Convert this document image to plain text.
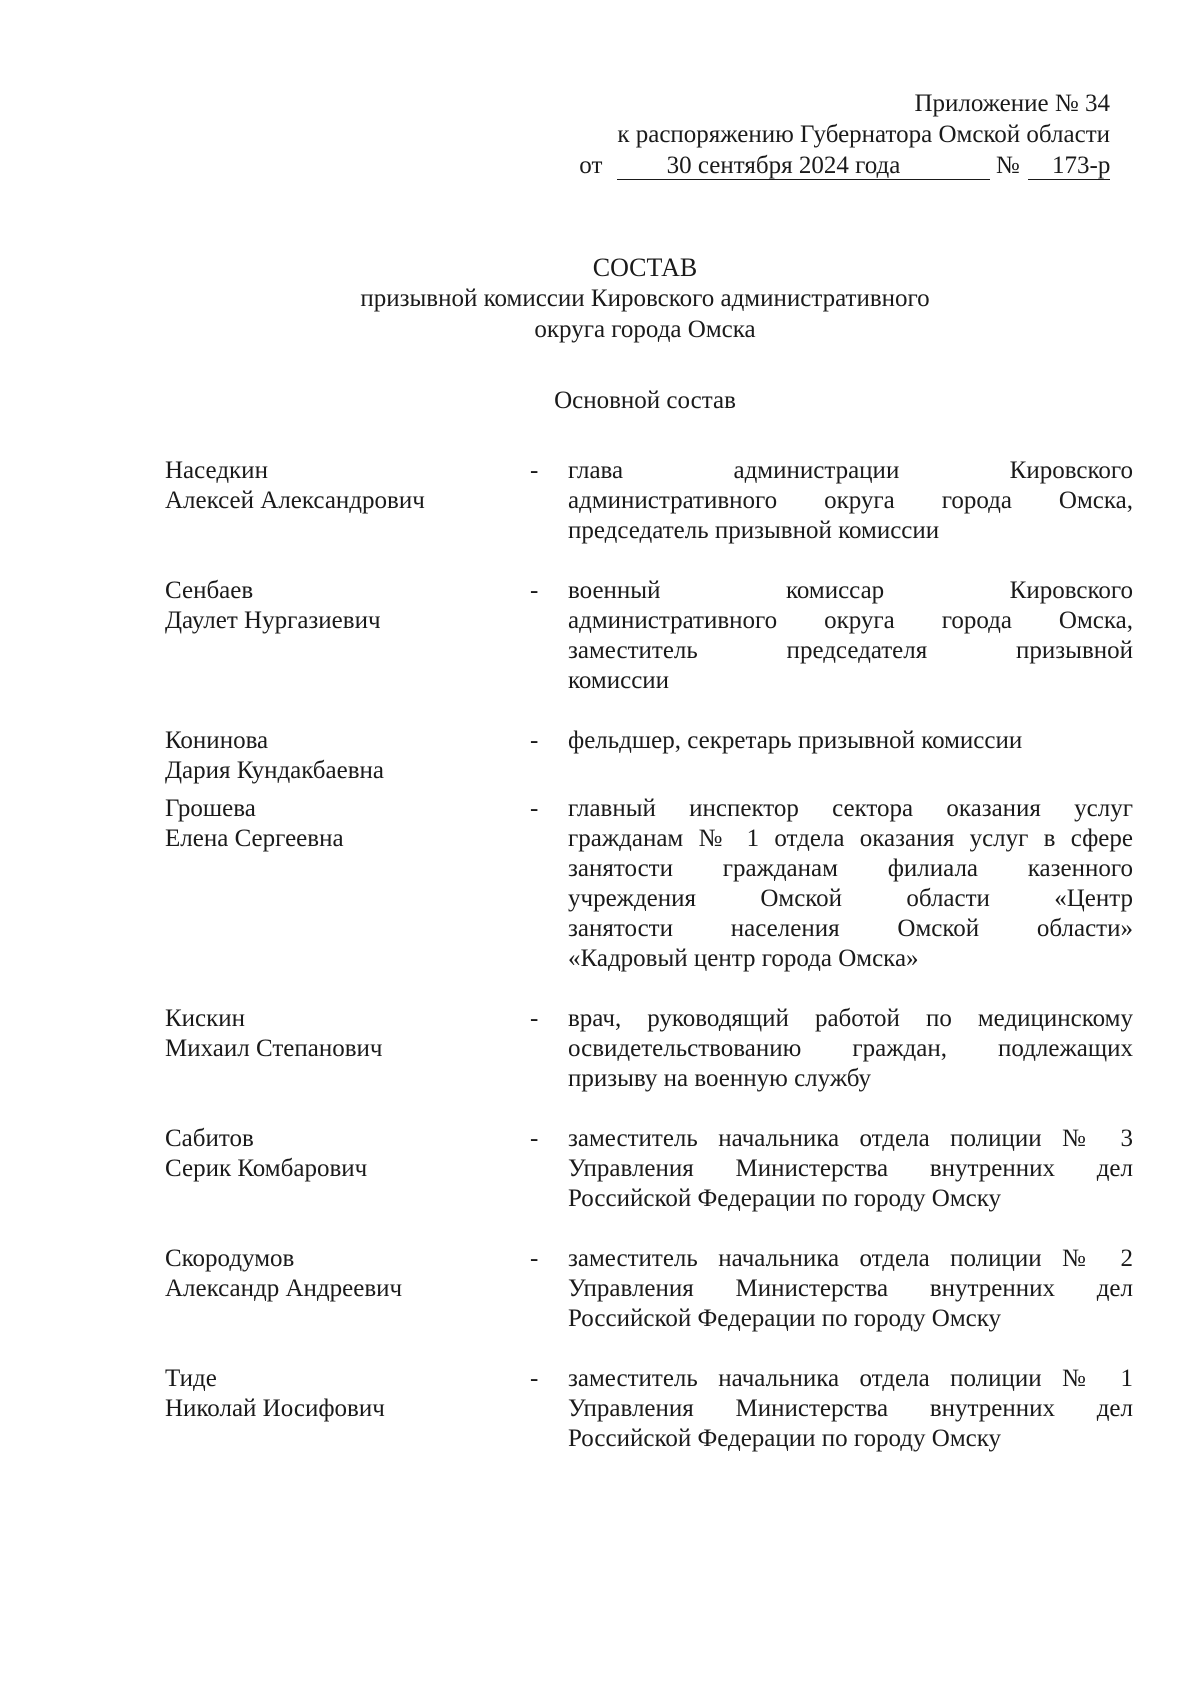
Приложение № 34
к распоряжению Губернатора Омской области
от	30 сентября 2024 года	№ 173-р
СОСТАВ
призывной комиссии Кировского административного
округа города Омска
Основной состав
Наседкин
Алексей Александрович
- глава администрации Кировского
административного округа города Омска,
председатель призывной комиссии
Сенбаев
Даулет Нургазиевич
- военный комиссар Кировского
административного округа города Омска,
заместитель председателя призывной
комиссии
Конинова
Дария Кундакбаевна
- фельдшер, секретарь призывной комиссии
Грошева
Елена Сергеевна
- главный инспектор сектора оказания услуг
гражданам № 1 отдела оказания услуг в сфере
занятости гражданам филиала казенного
учреждения Омской области «Центр
занятости населения Омской области»
«Кадровый центр города Омска»
Кискин
Михаил Степанович
- врач, руководящий работой по медицинскому
освидетельствованию граждан, подлежащих
призыву на военную службу
Сабитов
Серик Комбарович
- заместитель начальника отдела полиции № 3
Управления Министерства внутренних дел
Российской Федерации по городу Омску
Скородумов
Александр Андреевич
- заместитель начальника отдела полиции № 2
Управления Министерства внутренних дел
Российской Федерации по городу Омску
Тиде
Николай Иосифович
- заместитель начальника отдела полиции № 1
Управления Министерства внутренних дел
Российской Федерации по городу Омску
